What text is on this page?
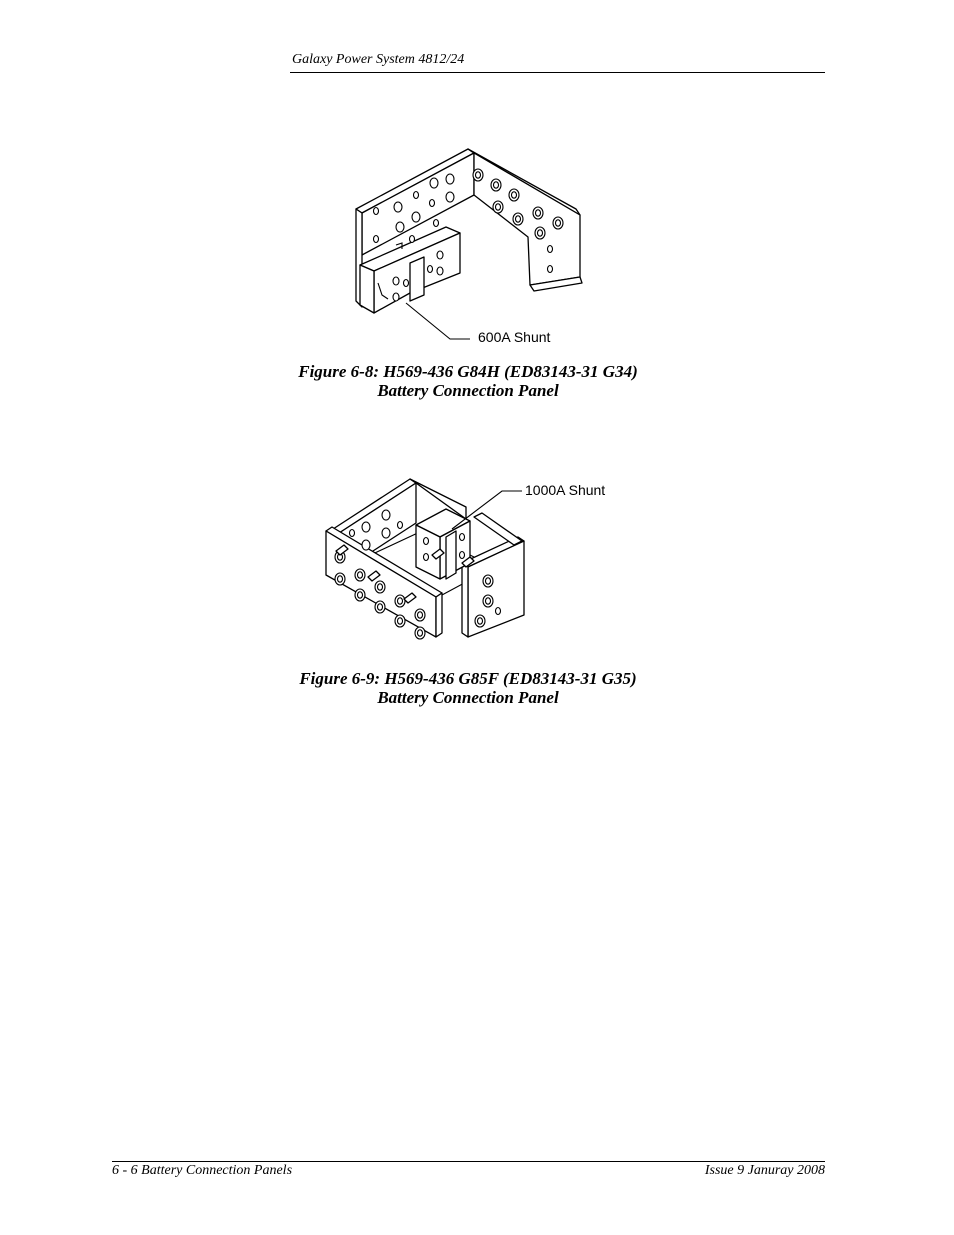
Galaxy Power System 4812/24
600A Shunt
Figure 6-8: H569-436 G84H (ED83143-31 G34)
Battery Connection Panel
1000A Shunt
Figure 6-9: H569-436 G85F (ED83143-31 G35)
Battery Connection Panel
6 - 6 Battery Connection Panels	Issue 9 Januray 2008
